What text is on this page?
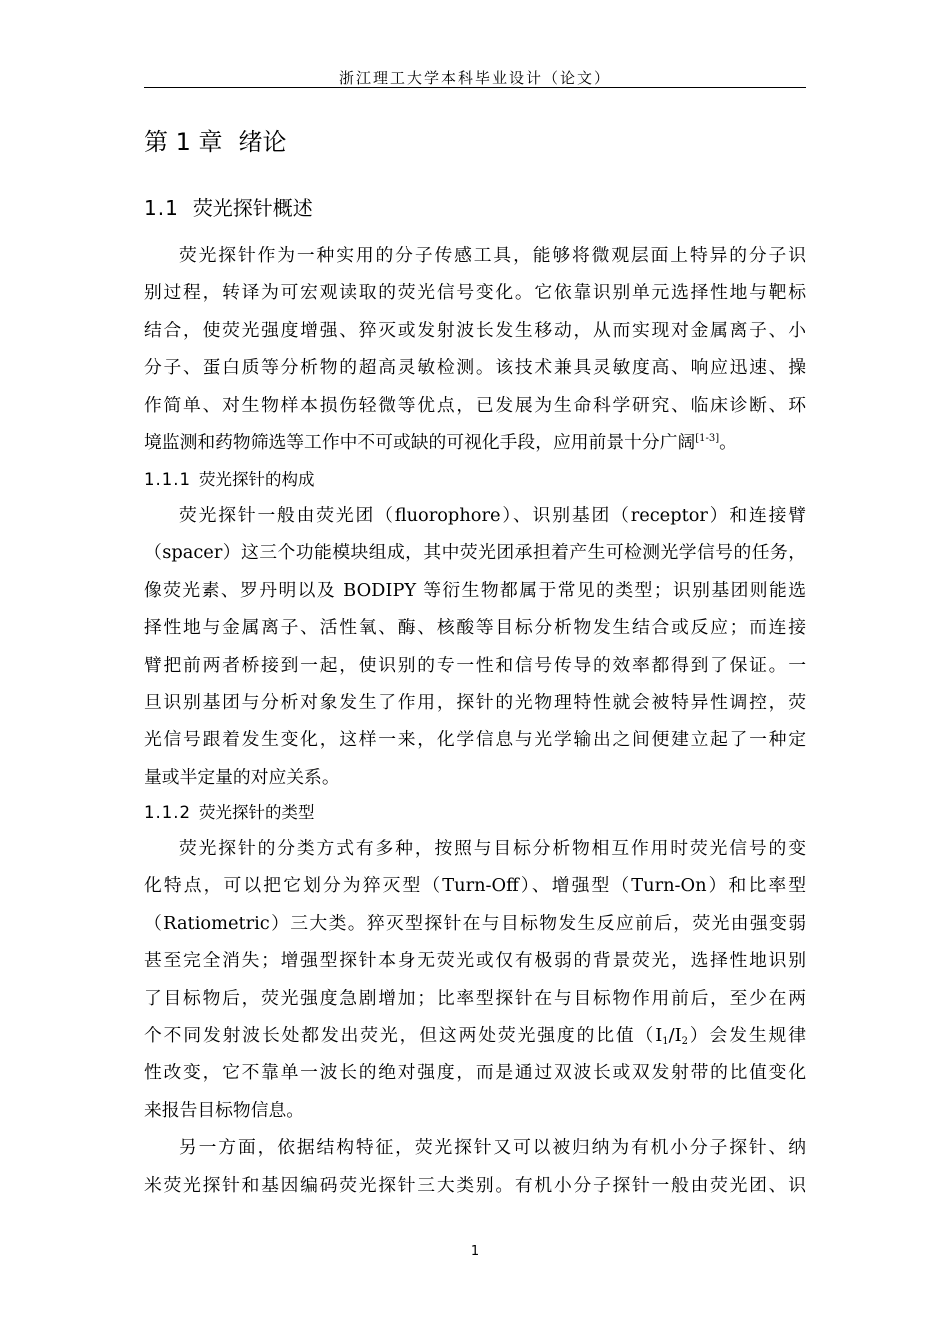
浙江理工大学本科毕业设计（论文）
第 1 章 绪论
1.1 荧光探针概述
荧光探针作为一种实用的分子传感工具，能够将微观层面上特异的分子识
别过程，转译为可宏观读取的荧光信号变化。它依靠识别单元选择性地与靶标
结合，使荧光强度增强、猝灭或发射波长发生移动，从而实现对金属离子、小
分子、蛋白质等分析物的超高灵敏检测。该技术兼具灵敏度高、响应迅速、操
作简单、对生物样本损伤轻微等优点，已发展为生命科学研究、临床诊断、环
境监测和药物筛选等工作中不可或缺的可视化手段，应用前景十分广阔[1-3]。
1.1.1 荧光探针的构成
荧光探针一般由荧光团（fluorophore）、识别基团（receptor）和连接臂
（spacer）这三个功能模块组成，其中荧光团承担着产生可检测光学信号的任务，
像荧光素、罗丹明以及 BODIPY 等衍生物都属于常见的类型；识别基团则能选
择性地与金属离子、活性氧、酶、核酸等目标分析物发生结合或反应；而连接
臂把前两者桥接到一起，使识别的专一性和信号传导的效率都得到了保证。一
旦识别基团与分析对象发生了作用，探针的光物理特性就会被特异性调控，荧
光信号跟着发生变化，这样一来，化学信息与光学输出之间便建立起了一种定
量或半定量的对应关系。
1.1.2 荧光探针的类型
荧光探针的分类方式有多种，按照与目标分析物相互作用时荧光信号的变
化特点，可以把它划分为猝灭型（Turn-Off）、增强型（Turn-On）和比率型
（Ratiometric）三大类。猝灭型探针在与目标物发生反应前后，荧光由强变弱
甚至完全消失；增强型探针本身无荧光或仅有极弱的背景荧光，选择性地识别
了目标物后，荧光强度急剧增加；比率型探针在与目标物作用前后，至少在两
个不同发射波长处都发出荧光，但这两处荧光强度的比值$(I_1/I_2)$会发生规律
性改变，它不靠单一波长的绝对强度，而是通过双波长或双发射带的比值变化
来报告目标物信息。
另一方面，依据结构特征，荧光探针又可以被归纳为有机小分子探针、纳
米荧光探针和基因编码荧光探针三大类别。有机小分子探针一般由荧光团、识
1
